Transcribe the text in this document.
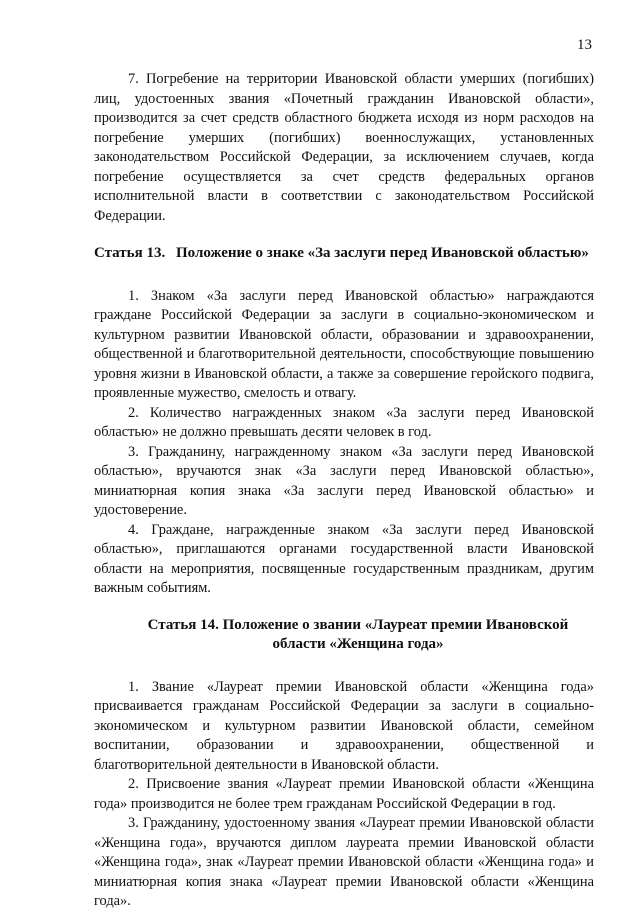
13

7. Погребение на территории Ивановской области умерших (погибших) лиц, удостоенных звания «Почетный гражданин Ивановской области», производится за счет средств областного бюджета исходя из норм расходов на погребение умерших (погибших) военнослужащих, установленных законодательством Российской Федерации, за исключением случаев, когда погребение осуществляется за счет средств федеральных органов исполнительной власти в соответствии с законодательством Российской Федерации.

Статья 13. Положение о знаке «За заслуги перед Ивановской областью»

1. Знаком «За заслуги перед Ивановской областью» награждаются граждане Российской Федерации за заслуги в социально-экономическом и культурном развитии Ивановской области, образовании и здравоохранении, общественной и благотворительной деятельности, способствующие повышению уровня жизни в Ивановской области, а также за совершение геройского подвига, проявленные мужество, смелость и отвагу.

2. Количество награжденных знаком «За заслуги перед Ивановской областью» не должно превышать десяти человек в год.

3. Гражданину, награжденному знаком «За заслуги перед Ивановской областью», вручаются знак «За заслуги перед Ивановской областью», миниатюрная копия знака «За заслуги перед Ивановской областью» и удостоверение.

4. Граждане, награжденные знаком «За заслуги перед Ивановской областью», приглашаются органами государственной власти Ивановской области на мероприятия, посвященные государственным праздникам, другим важным событиям.

Статья 14. Положение о звании «Лауреат премии Ивановской
области «Женщина года»

1. Звание «Лауреат премии Ивановской области «Женщина года» присваивается гражданам Российской Федерации за заслуги в социально-экономическом и культурном развитии Ивановской области, семейном воспитании, образовании и здравоохранении, общественной и благотворительной деятельности в Ивановской области.

2. Присвоение звания «Лауреат премии Ивановской области «Женщина года» производится не более трем гражданам Российской Федерации в год.

3. Гражданину, удостоенному звания «Лауреат премии Ивановской области «Женщина года», вручаются диплом лауреата премии Ивановской области «Женщина года», знак «Лауреат премии Ивановской области «Женщина года» и миниатюрная копия знака «Лауреат премии Ивановской области «Женщина года».
